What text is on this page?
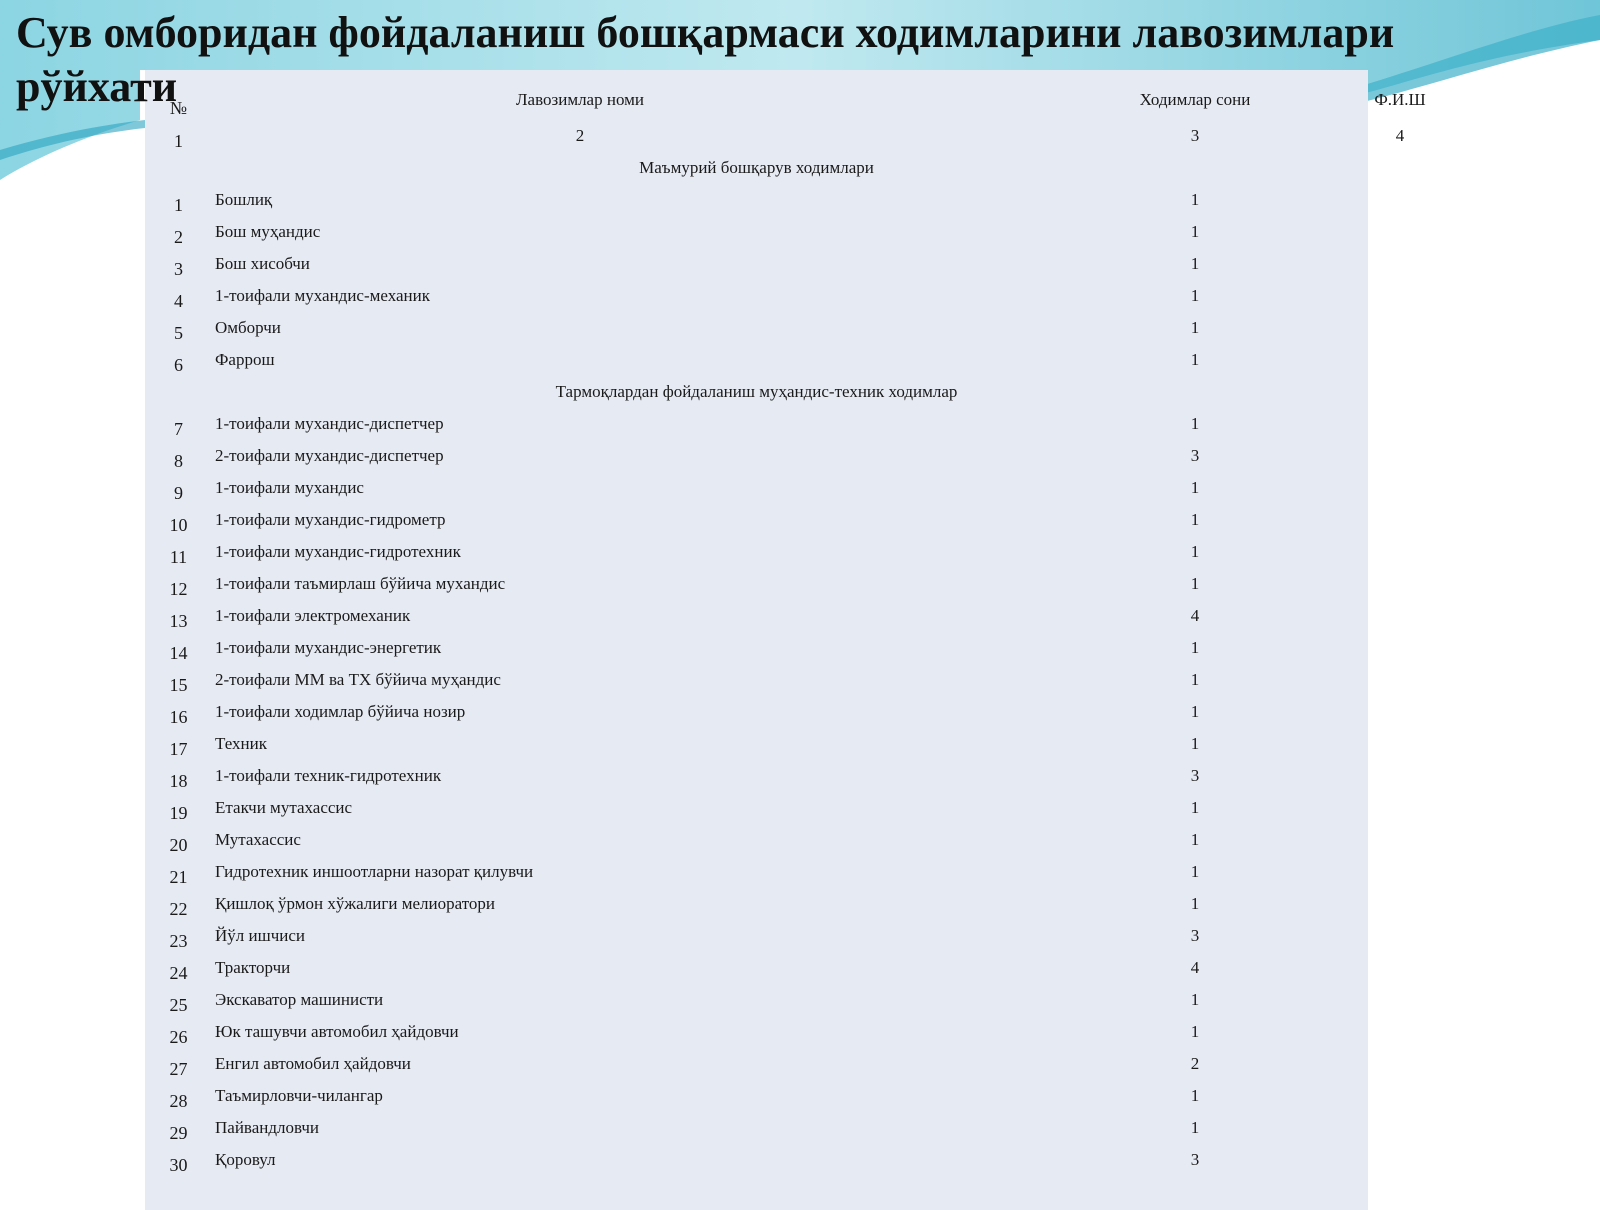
Сув омборидан фойдаланиш бошқармаси ходимларини лавозимлари рўйхати
№	Лавозимлар номи	Ходимлар сони	Ф.И.Ш
1	2	3	4
Маъмурий бошқарув ходимлари
1	Бошлиқ	1
2	Бош муҳандис	1
3	Бош хисобчи	1
4	1-тоифали мухандис-механик	1
5	Омборчи	1
6	Фаррош	1
Тармоқлардан фойдаланиш муҳандис-техник ходимлар
7	1-тоифали мухандис-диспетчер	1
8	2-тоифали мухандис-диспетчер	3
9	1-тоифали мухандис	1
10	1-тоифали мухандис-гидрометр	1
11	1-тоифали мухандис-гидротехник	1
12	1-тоифали таъмирлаш бўйича мухандис	1
13	1-тоифали электромеханик	4
14	1-тоифали мухандис-энергетик	1
15	2-тоифали ММ ва ТХ бўйича муҳандис	1
16	1-тоифали ходимлар бўйича нозир	1
17	Техник	1
18	1-тоифали техник-гидротехник	3
19	Етакчи мутахассис	1
20	Мутахассис	1
21	Гидротехник иншоотларни назорат қилувчи	1
22	Қишлоқ ўрмон хўжалиги мелиоратори	1
23	Йўл ишчиси	3
24	Тракторчи	4
25	Экскаватор машинисти	1
26	Юк ташувчи автомобил ҳайдовчи	1
27	Енгил автомобил ҳайдовчи	2
28	Таъмирловчи-чилангар	1
29	Пайвандловчи	1
30	Қоровул	3
